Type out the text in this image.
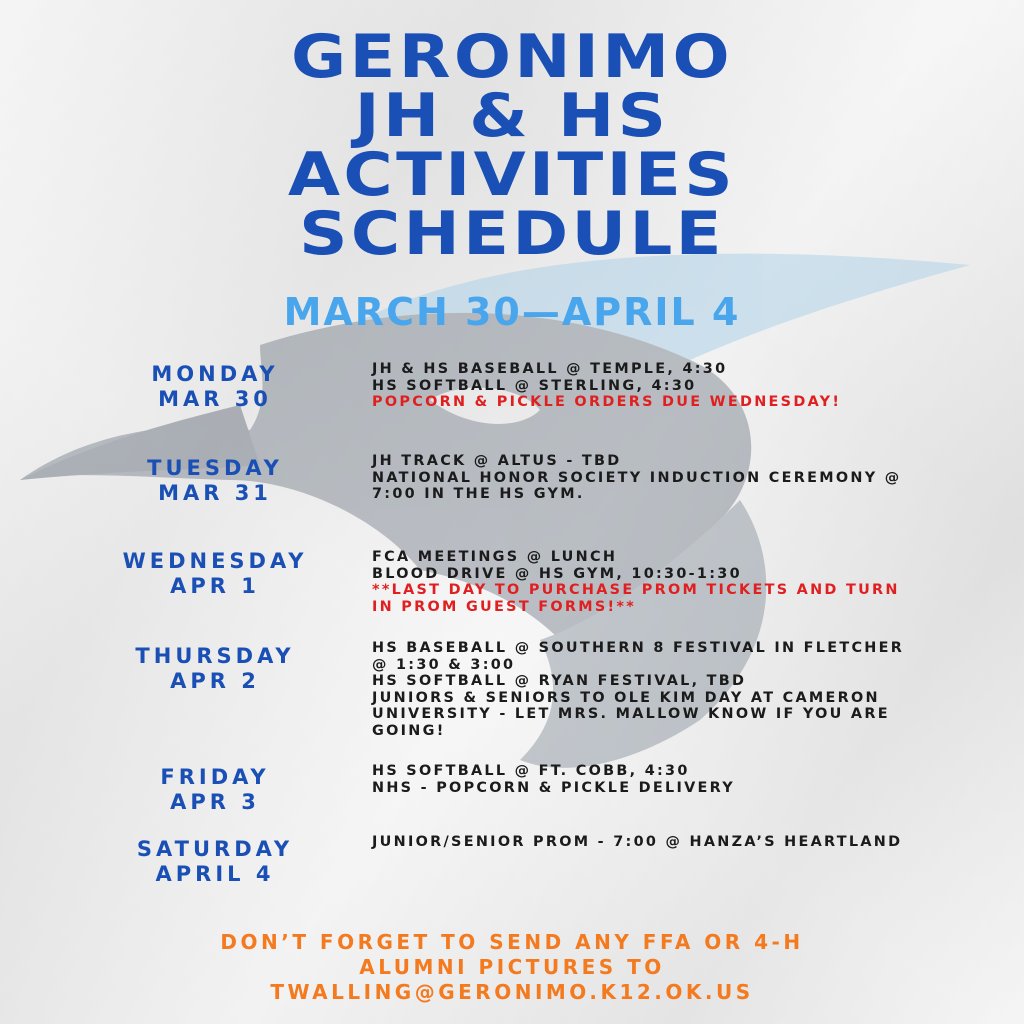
GERONIMO
JH & HS
ACTIVITIES
SCHEDULE
MARCH 30—APRIL 4
MONDAY
MAR 30
JH & HS BASEBALL @ TEMPLE, 4:30
HS SOFTBALL @ STERLING, 4:30
POPCORN & PICKLE ORDERS DUE WEDNESDAY!
TUESDAY
MAR 31
JH TRACK @ ALTUS - TBD
NATIONAL HONOR SOCIETY INDUCTION CEREMONY @
7:00 IN THE HS GYM.
WEDNESDAY
APR 1
FCA MEETINGS @ LUNCH
BLOOD DRIVE @ HS GYM, 10:30-1:30
**LAST DAY TO PURCHASE PROM TICKETS AND TURN
IN PROM GUEST FORMS!**
THURSDAY
APR 2
HS BASEBALL @ SOUTHERN 8 FESTIVAL IN FLETCHER
@ 1:30 & 3:00
HS SOFTBALL @ RYAN FESTIVAL, TBD
JUNIORS & SENIORS TO OLE KIM DAY AT CAMERON
UNIVERSITY - LET MRS. MALLOW KNOW IF YOU ARE
GOING!
FRIDAY
APR 3
HS SOFTBALL @ FT. COBB, 4:30
NHS - POPCORN & PICKLE DELIVERY
SATURDAY
APRIL 4
JUNIOR/SENIOR PROM - 7:00 @ HANZA’S HEARTLAND
DON’T FORGET TO SEND ANY FFA OR 4-H
ALUMNI PICTURES TO
TWALLING@GERONIMO.K12.OK.US
